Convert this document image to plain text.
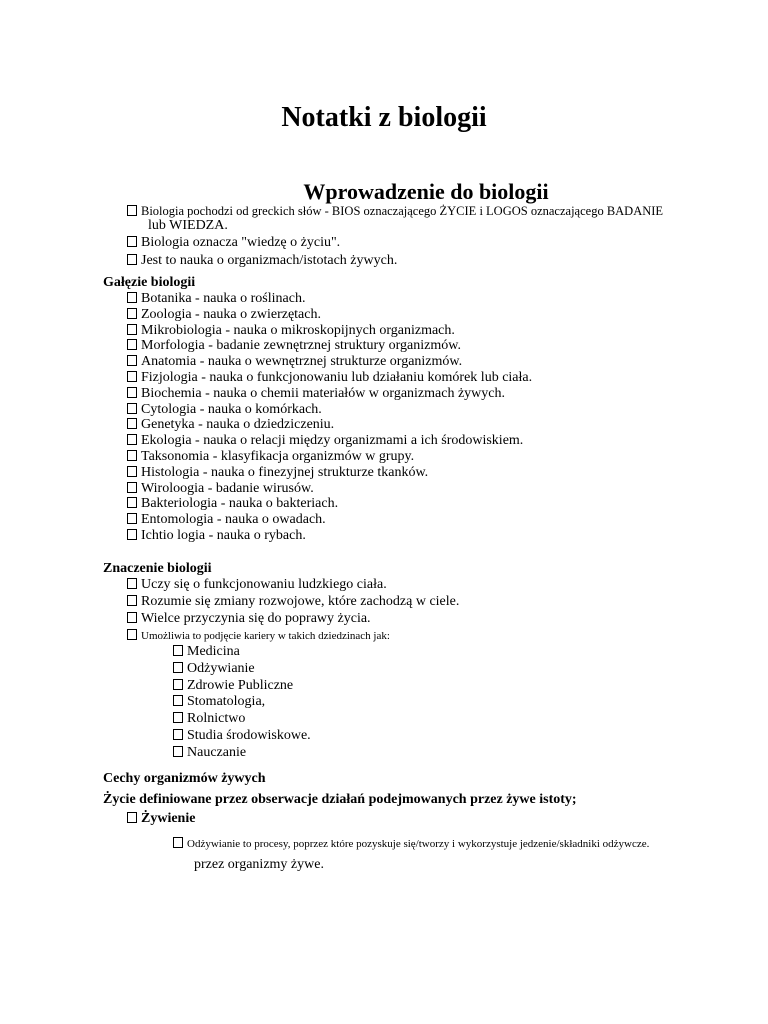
Notatki z biologii
Wprowadzenie do biologii
Biologia pochodzi od greckich słów - BIOS oznaczającego ŻYCIE i LOGOS oznaczającego BADANIE
lub WIEDZA.
Biologia oznacza "wiedzę o życiu".
Jest to nauka o organizmach/istotach żywych.
Gałęzie biologii
Botanika - nauka o roślinach.
Zoologia - nauka o zwierzętach.
Mikrobiologia - nauka o mikroskopijnych organizmach.
Morfologia - badanie zewnętrznej struktury organizmów.
Anatomia - nauka o wewnętrznej strukturze organizmów.
Fizjologia - nauka o funkcjonowaniu lub działaniu komórek lub ciała.
Biochemia - nauka o chemii materiałów w organizmach żywych.
Cytologia - nauka o komórkach.
Genetyka - nauka o dziedziczeniu.
Ekologia - nauka o relacji między organizmami a ich środowiskiem.
Taksonomia - klasyfikacja organizmów w grupy.
Histologia - nauka o finezyjnej strukturze tkanków.
Wiroloogia - badanie wirusów.
Bakteriologia - nauka o bakteriach.
Entomologia - nauka o owadach.
Ichtio logia - nauka o rybach.
Znaczenie biologii
Uczy się o funkcjonowaniu ludzkiego ciała.
Rozumie się zmiany rozwojowe, które zachodzą w ciele.
Wielce przyczynia się do poprawy życia.
Umożliwia to podjęcie kariery w takich dziedzinach jak:
Medicina
Odżywianie
Zdrowie Publiczne
Stomatologia,
Rolnictwo
Studia środowiskowe.
Nauczanie
Cechy organizmów żywych
Życie definiowane przez obserwacje działań podejmowanych przez żywe istoty;
Żywienie
Odżywianie to procesy, poprzez które pozyskuje się/tworzy i wykorzystuje jedzenie/składniki odżywcze.
przez organizmy żywe.
